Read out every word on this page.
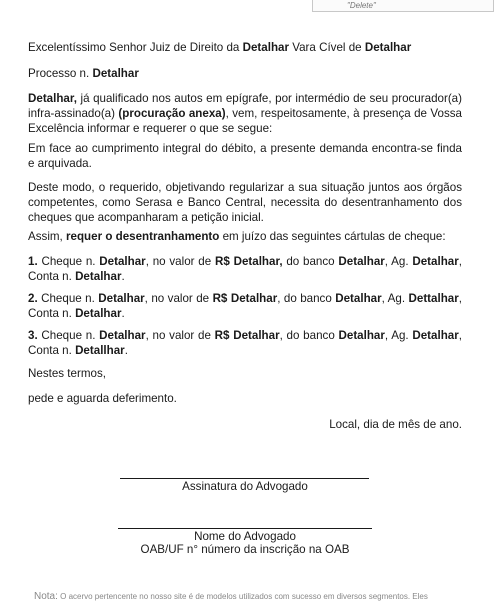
"Delete"

Excelentíssimo Senhor Juiz de Direito da Detalhar Vara Cível de Detalhar

Processo n. Detalhar

Detalhar, já qualificado nos autos em epígrafe, por intermédio de seu procurador(a) infra-assinado(a) (procuração anexa), vem, respeitosamente, à presença de Vossa Excelência informar e requerer o que se segue:

Em face ao cumprimento integral do débito, a presente demanda encontra-se finda e arquivada.

Deste modo, o requerido, objetivando regularizar a sua situação juntos aos órgãos competentes, como Serasa e Banco Central, necessita do desentranhamento dos cheques que acompanharam a petição inicial.

Assim, requer o desentranhamento em juízo das seguintes cártulas de cheque:

1. Cheque n. Detalhar, no valor de R$ Detalhar, do banco Detalhar, Ag. Detalhar, Conta n. Detalhar.

2. Cheque n. Detalhar, no valor de R$ Detalhar, do banco Detalhar, Ag. Dettalhar, Conta n. Detalhar.

3. Cheque n. Detalhar, no valor de R$ Detalhar, do banco Detalhar, Ag. Detalhar, Conta n. Detallhar.

Nestes termos,

pede e aguarda deferimento.

Local, dia de mês de ano.

Assinatura do Advogado
Nome do Advogado
OAB/UF n° número da inscrição na OAB
Nota: O acervo pertencente no nosso site é de modelos utilizados com sucesso em diversos segmentos. Eles
